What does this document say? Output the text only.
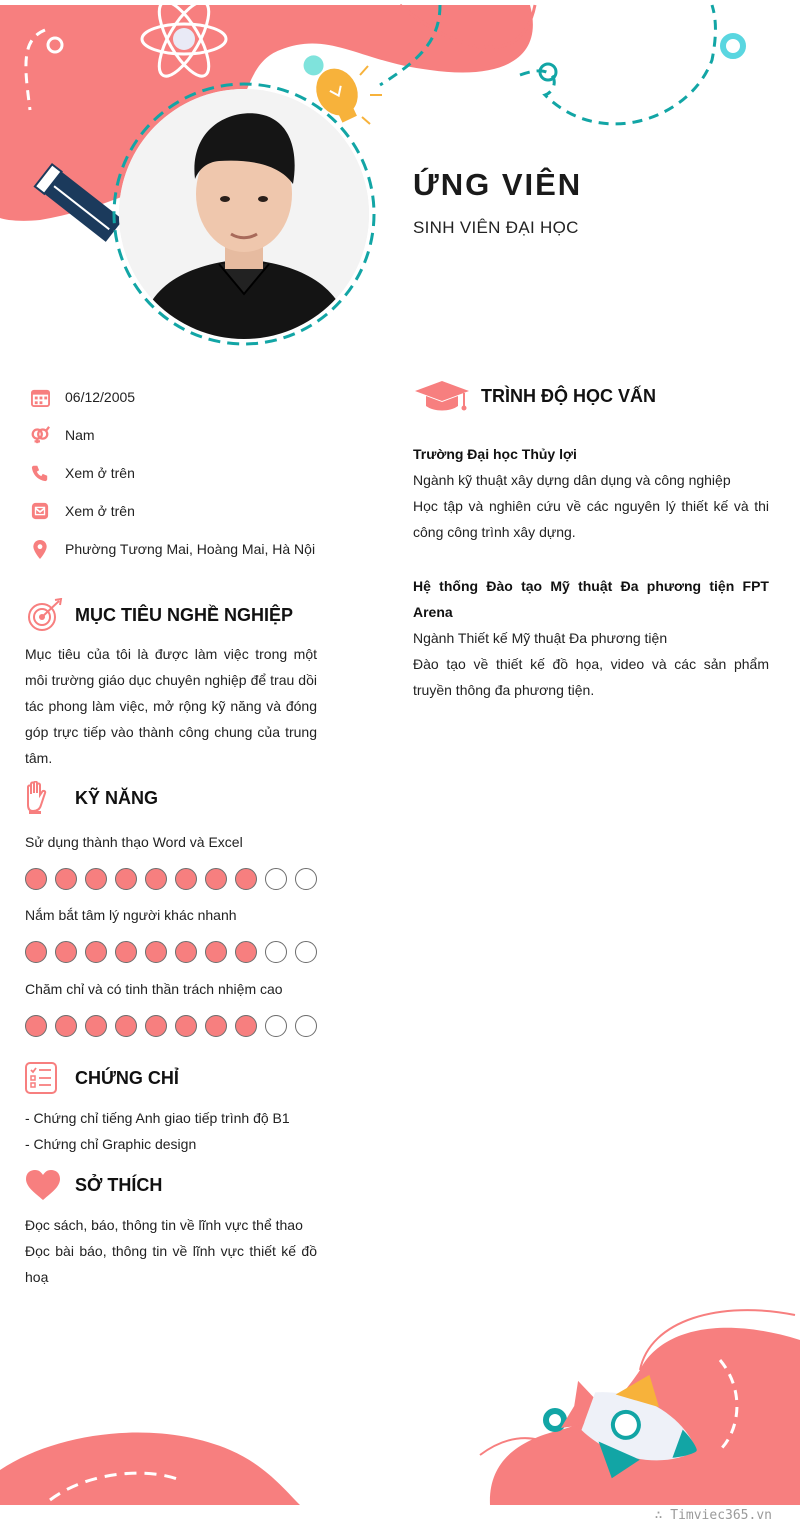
ỨNG VIÊN
SINH VIÊN ĐẠI HỌC
06/12/2005
Nam
Xem ở trên
Xem ở trên
Phường Tương Mai, Hoàng Mai, Hà Nội
MỤC TIÊU NGHỀ NGHIỆP
Mục tiêu của tôi là được làm việc trong một môi trường giáo dục chuyên nghiệp để trau dồi tác phong làm việc, mở rộng kỹ năng và đóng góp trực tiếp vào thành công chung của trung tâm.
KỸ NĂNG
Sử dụng thành thạo Word và Excel
Nắm bắt tâm lý người khác nhanh
Chăm chỉ và có tinh thần trách nhiệm cao
CHỨNG CHỈ
- Chứng chỉ tiếng Anh giao tiếp trình độ B1
- Chứng chỉ Graphic design
SỞ THÍCH
Đọc sách, báo, thông tin về lĩnh vực thể thao
Đọc bài báo, thông tin về lĩnh vực thiết kế đồ hoạ
TRÌNH ĐỘ HỌC VẤN
Trường Đại học Thủy lợi
Ngành kỹ thuật xây dựng dân dụng và công nghiệp
Học tập và nghiên cứu về các nguyên lý thiết kế và thi công công trình xây dựng.
Hệ thống Đào tạo Mỹ thuật Đa phương tiện FPT Arena
Ngành Thiết kế Mỹ thuật Đa phương tiện
Đào tạo về thiết kế đồ họa, video và các sản phẩm truyền thông đa phương tiện.
∴ Timviec365.vn
